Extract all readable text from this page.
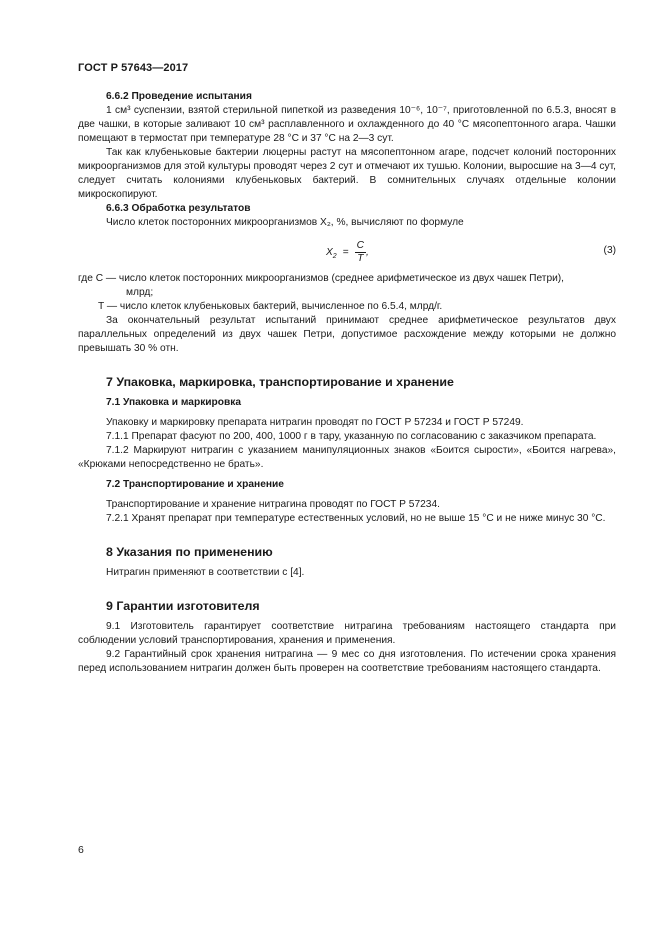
ГОСТ Р 57643—2017

6.6.2 Проведение испытания

1 см³ суспензии, взятой стерильной пипеткой из разведения 10⁻⁶, 10⁻⁷, приготовленной по 6.5.3, вносят в две чашки, в которые заливают 10 см³ расплавленного и охлажденного до 40 °С мясопептонного агара. Чашки помещают в термостат при температуре 28 °С и 37 °С на 2—3 сут.

Так как клубеньковые бактерии люцерны растут на мясопептонном агаре, подсчет колоний посторонних микроорганизмов для этой культуры проводят через 2 сут и отмечают их тушью. Колонии, выросшие на 3—4 сут, следует считать колониями клубеньковых бактерий. В сомнительных случаях отдельные колонии микроскопируют.

6.6.3 Обработка результатов

Число клеток посторонних микроорганизмов X₂, %, вычисляют по формуле

$X_2 = \frac{C}{T}$ ,	(3)

где C — число клеток посторонних микроорганизмов (среднее арифметическое из двух чашек Петри),

млрд;

T — число клеток клубеньковых бактерий, вычисленное по 6.5.4, млрд/г.

За окончательный результат испытаний принимают среднее арифметическое результатов двух параллельных определений из двух чашек Петри, допустимое расхождение между которыми не должно превышать 30 % отн.

7 Упаковка, маркировка, транспортирование и хранение

7.1 Упаковка и маркировка

Упаковку и маркировку препарата нитрагин проводят по ГОСТ Р 57234 и ГОСТ Р 57249.

7.1.1 Препарат фасуют по 200, 400, 1000 г в тару, указанную по согласованию с заказчиком препарата.

7.1.2 Маркируют нитрагин с указанием манипуляционных знаков «Боится сырости», «Боится нагрева», «Крюками непосредственно не брать».

7.2 Транспортирование и хранение

Транспортирование и хранение нитрагина проводят по ГОСТ Р 57234.

7.2.1 Хранят препарат при температуре естественных условий, но не выше 15 °С и не ниже минус 30 °С.

8 Указания по применению

Нитрагин применяют в соответствии с [4].

9 Гарантии изготовителя

9.1 Изготовитель гарантирует соответствие нитрагина требованиям настоящего стандарта при соблюдении условий транспортирования, хранения и применения.

9.2 Гарантийный срок хранения нитрагина — 9 мес со дня изготовления. По истечении срока хранения перед использованием нитрагин должен быть проверен на соответствие требованиям настоящего стандарта.

6
